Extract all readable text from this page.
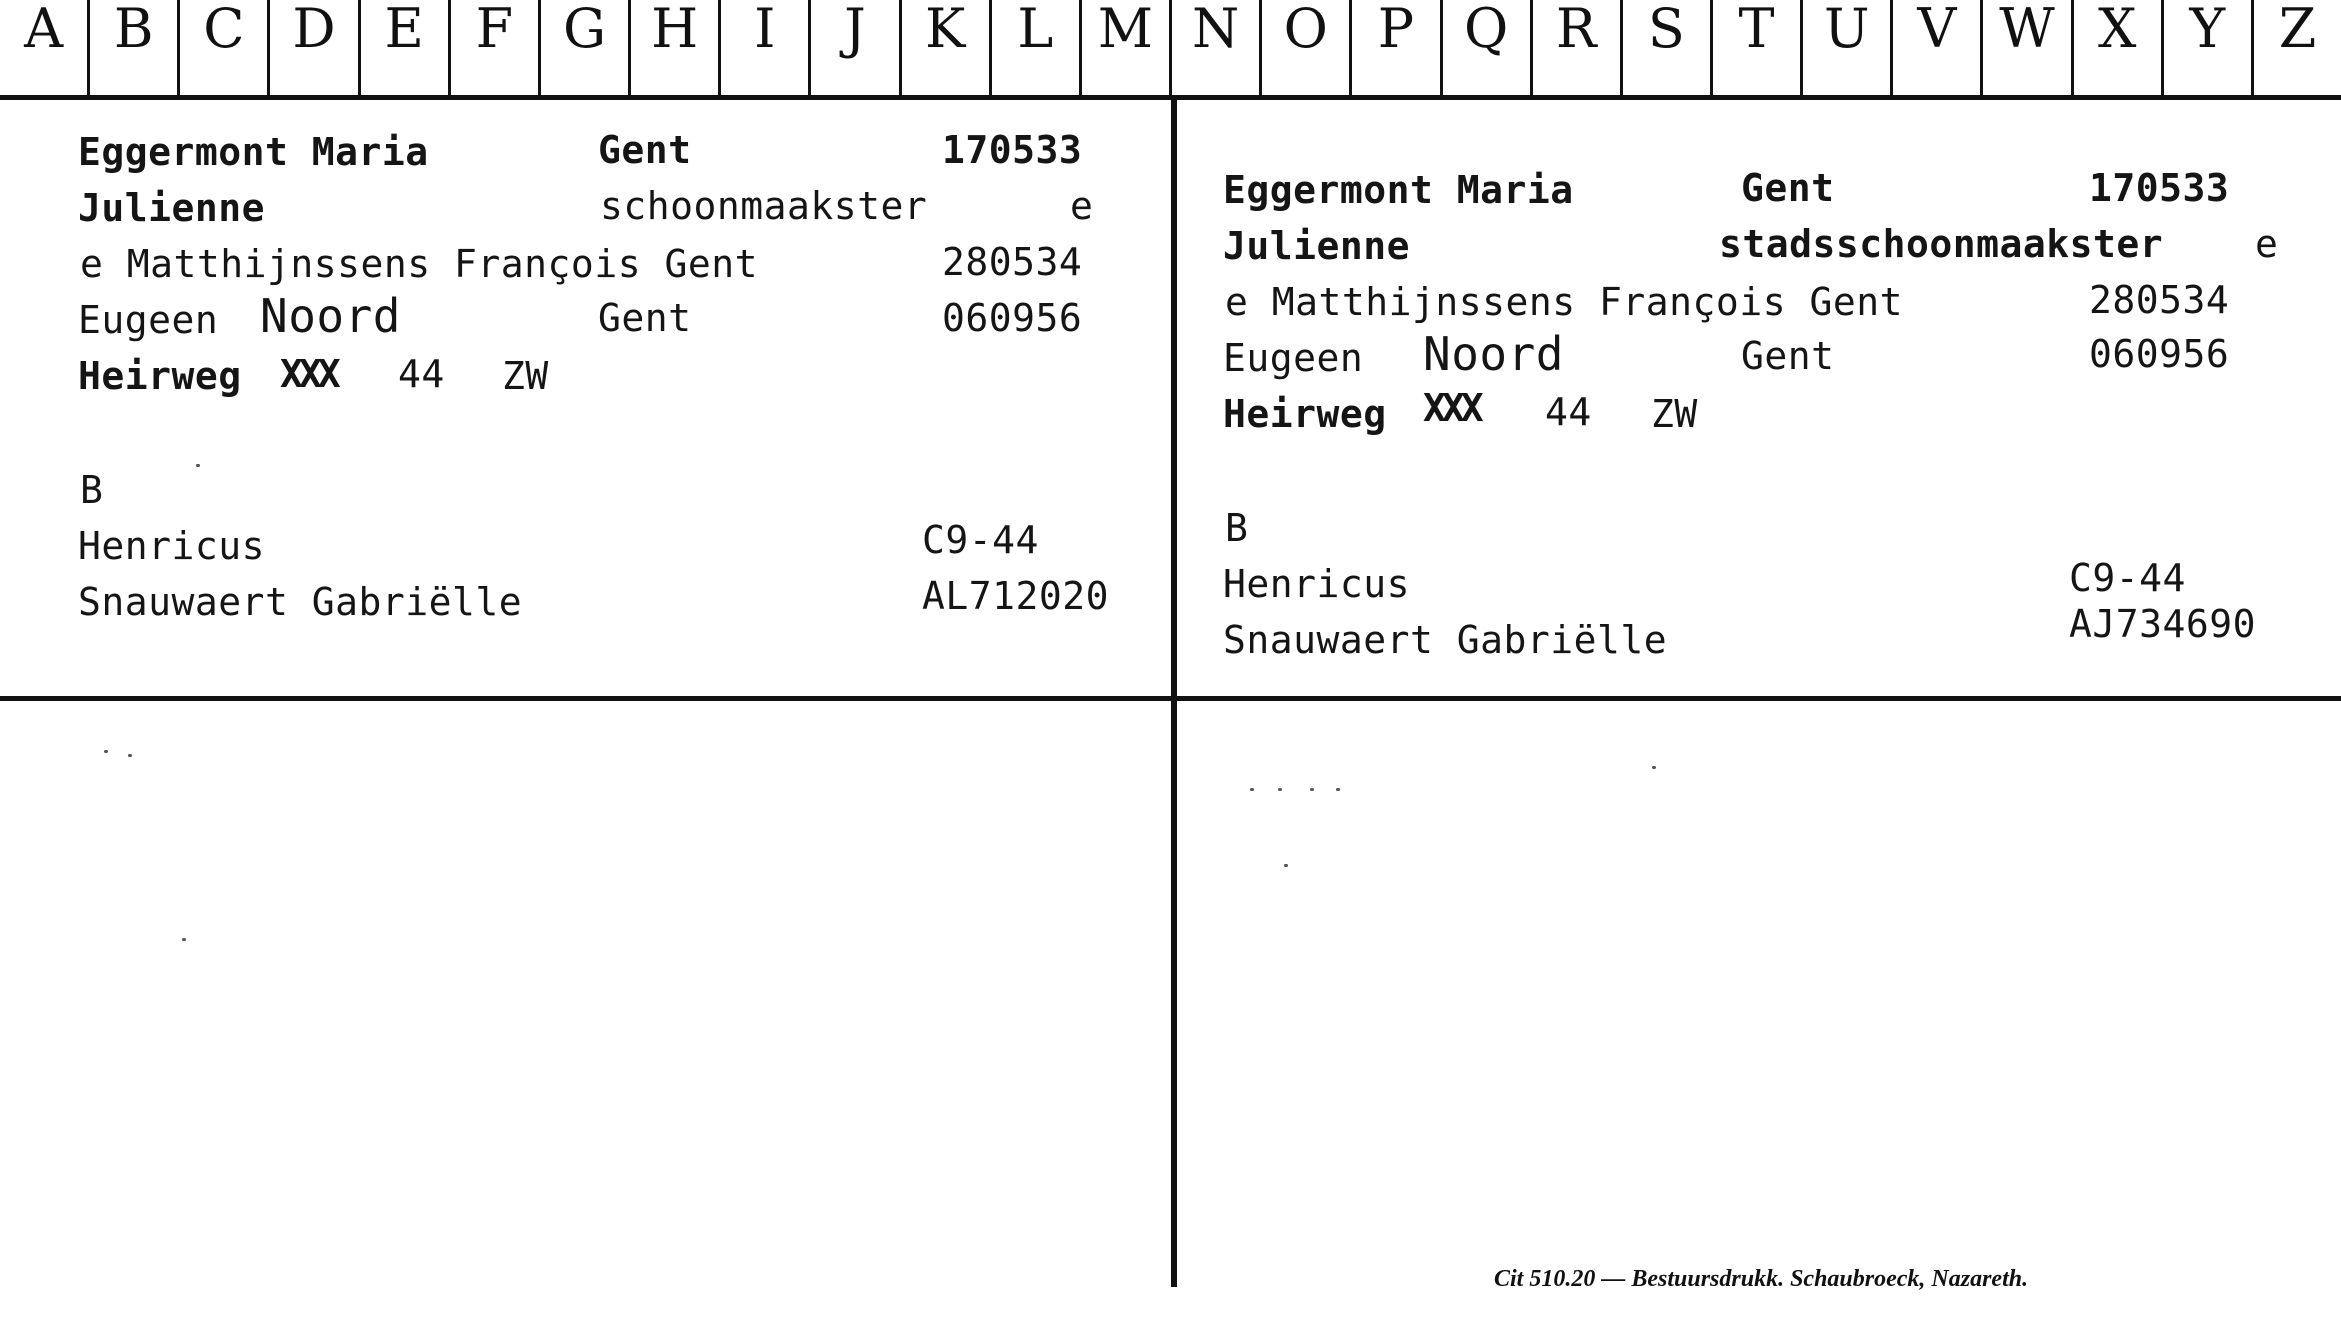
A B C D E F G H	I	J	K L M N O P Q R S T U V W X Y Z
Eggermont Maria	Gent	170533
Julienne	schoonmaakster	e
e Matthijnssens François Gent	280534
Eugeen Noord	Gent	060956
Heirweg XXX 44 ZW
B
Henricus	C9-44
Snauwaert Gabriëlle	AL712020
Eggermont Maria	Gent	170533
Julienne	stadsschoonmaakster e
e Matthijnssens François Gent	280534
Eugeen Noord	Gent	060956
Heirweg XXX 44 ZW
B
Henricus	C9-44
Snauwaert Gabriëlle	AJ734690
Cit 510.20 — Bestuursdrukk. Schaubroeck, Nazareth.
